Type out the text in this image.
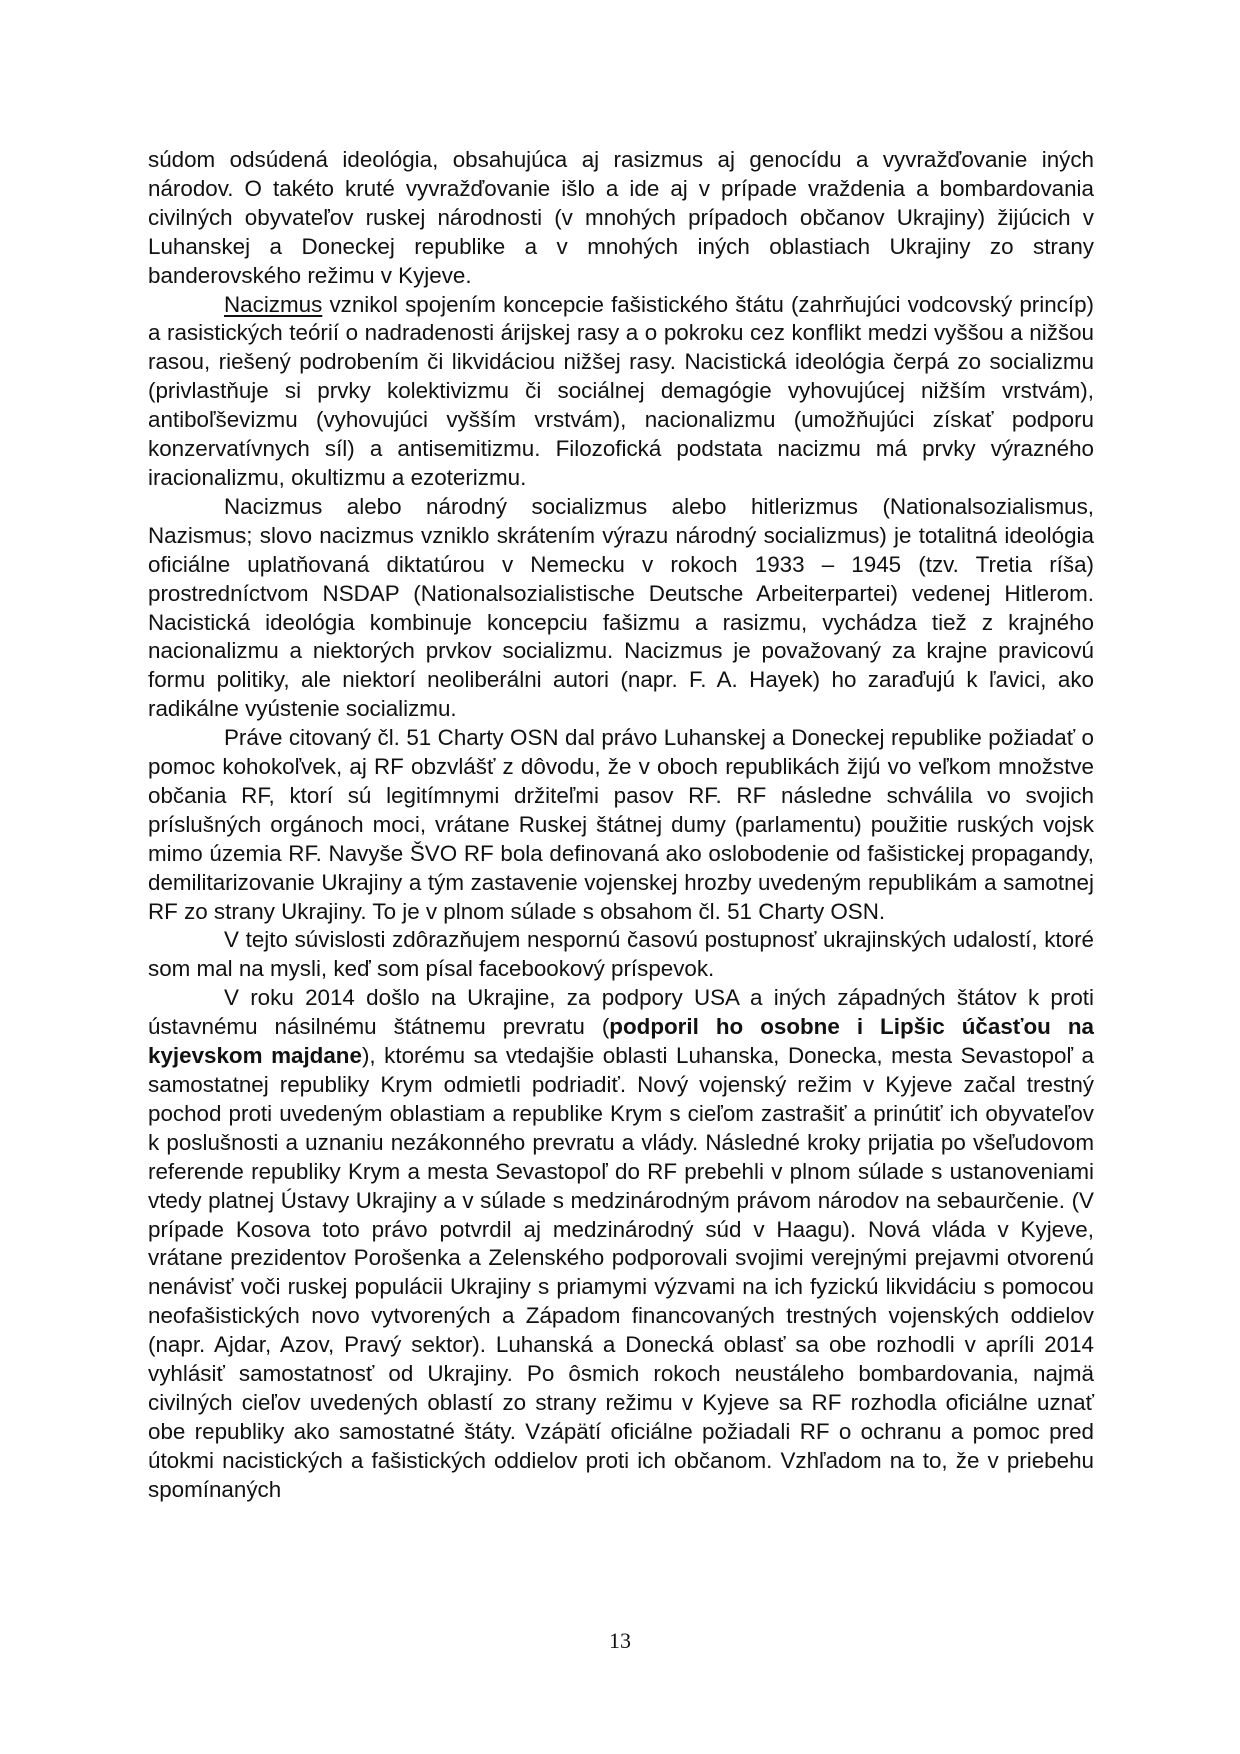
súdom odsúdená ideológia, obsahujúca aj rasizmus aj genocídu a vyvražďovanie iných národov. O takéto kruté vyvražďovanie išlo a ide aj v prípade vraždenia a bombardovania civilných obyvateľov ruskej národnosti (v mnohých prípadoch občanov Ukrajiny) žijúcich v Luhanskej a Doneckej republike a v mnohých iných oblastiach Ukrajiny zo strany banderovského režimu v Kyjeve.

Nacizmus vznikol spojením koncepcie fašistického štátu (zahrňujúci vodcovský princíp) a rasistických teórií o nadradenosti árijskej rasy a o pokroku cez konflikt medzi vyššou a nižšou rasou, riešený podrobením či likvidáciou nižšej rasy. Nacistická ideológia čerpá zo socializmu (privlastňuje si prvky kolektivizmu či sociálnej demagógie vyhovujúcej nižším vrstvám), antiboľševizmu (vyhovujúci vyšším vrstvám), nacionalizmu (umožňujúci získať podporu konzervatívnych síl) a antisemitizmu. Filozofická podstata nacizmu má prvky výrazného iracionalizmu, okultizmu a ezoterizmu.

Nacizmus alebo národný socializmus alebo hitlerizmus (Nationalsozialismus, Nazismus; slovo nacizmus vzniklo skrátením výrazu národný socializmus) je totalitná ideológia oficiálne uplatňovaná diktatúrou v Nemecku v rokoch 1933 – 1945 (tzv. Tretia ríša) prostredníctvom NSDAP (Nationalsozialistische Deutsche Arbeiterpartei) vedenej Hitlerom. Nacistická ideológia kombinuje koncepciu fašizmu a rasizmu, vychádza tiež z krajného nacionalizmu a niektorých prvkov socializmu. Nacizmus je považovaný za krajne pravicovú formu politiky, ale niektorí neoliberálni autori (napr. F. A. Hayek) ho zaraďujú k ľavici, ako radikálne vyústenie socializmu.

Práve citovaný čl. 51 Charty OSN dal právo Luhanskej a Doneckej republike požiadať o pomoc kohokoľvek, aj RF obzvlášť z dôvodu, že v oboch republikách žijú vo veľkom množstve občania RF, ktorí sú legitímnymi držiteľmi pasov RF. RF následne schválila vo svojich príslušných orgánoch moci, vrátane Ruskej štátnej dumy (parlamentu) použitie ruských vojsk mimo územia RF. Navyše ŠVO RF bola definovaná ako oslobodenie od fašistickej propagandy, demilitarizovanie Ukrajiny a tým zastavenie vojenskej hrozby uvedeným republikám a samotnej RF zo strany Ukrajiny. To je v plnom súlade s obsahom čl. 51 Charty OSN.

V tejto súvislosti zdôrazňujem nespornú časovú postupnosť ukrajinských udalostí, ktoré som mal na mysli, keď som písal facebookový príspevok.

V roku 2014 došlo na Ukrajine, za podpory USA a iných západných štátov k proti ústavnému násilnému štátnemu prevratu (podporil ho osobne i Lipšic účasťou na kyjevskom majdane), ktorému sa vtedajšie oblasti Luhanska, Donecka, mesta Sevastopoľ a samostatnej republiky Krym odmietli podriadiť. Nový vojenský režim v Kyjeve začal trestný pochod proti uvedeným oblastiam a republike Krym s cieľom zastrašiť a prinútiť ich obyvateľov k poslušnosti a uznaniu nezákonného prevratu a vlády. Následné kroky prijatia po všeľudovom referende republiky Krym a mesta Sevastopoľ do RF prebehli v plnom súlade s ustanoveniami vtedy platnej Ústavy Ukrajiny a v súlade s medzinárodným právom národov na sebaurčenie. (V prípade Kosova toto právo potvrdil aj medzinárodný súd v Haagu). Nová vláda v Kyjeve, vrátane prezidentov Porošenka a Zelenského podporovali svojimi verejnými prejavmi otvorenú nenávisť voči ruskej populácii Ukrajiny s priamymi výzvami na ich fyzickú likvidáciu s pomocou neofašistických novo vytvorených a Západom financovaných trestných vojenských oddielov (napr. Ajdar, Azov, Pravý sektor). Luhanská a Donecká oblasť sa obe rozhodli v apríli 2014 vyhlásiť samostatnosť od Ukrajiny. Po ôsmich rokoch neustáleho bombardovania, najmä civilných cieľov uvedených oblastí zo strany režimu v Kyjeve sa RF rozhodla oficiálne uznať obe republiky ako samostatné štáty. Vzápätí oficiálne požiadali RF o ochranu a pomoc pred útokmi nacistických a fašistických oddielov proti ich občanom. Vzhľadom na to, že v priebehu spomínaných

13
